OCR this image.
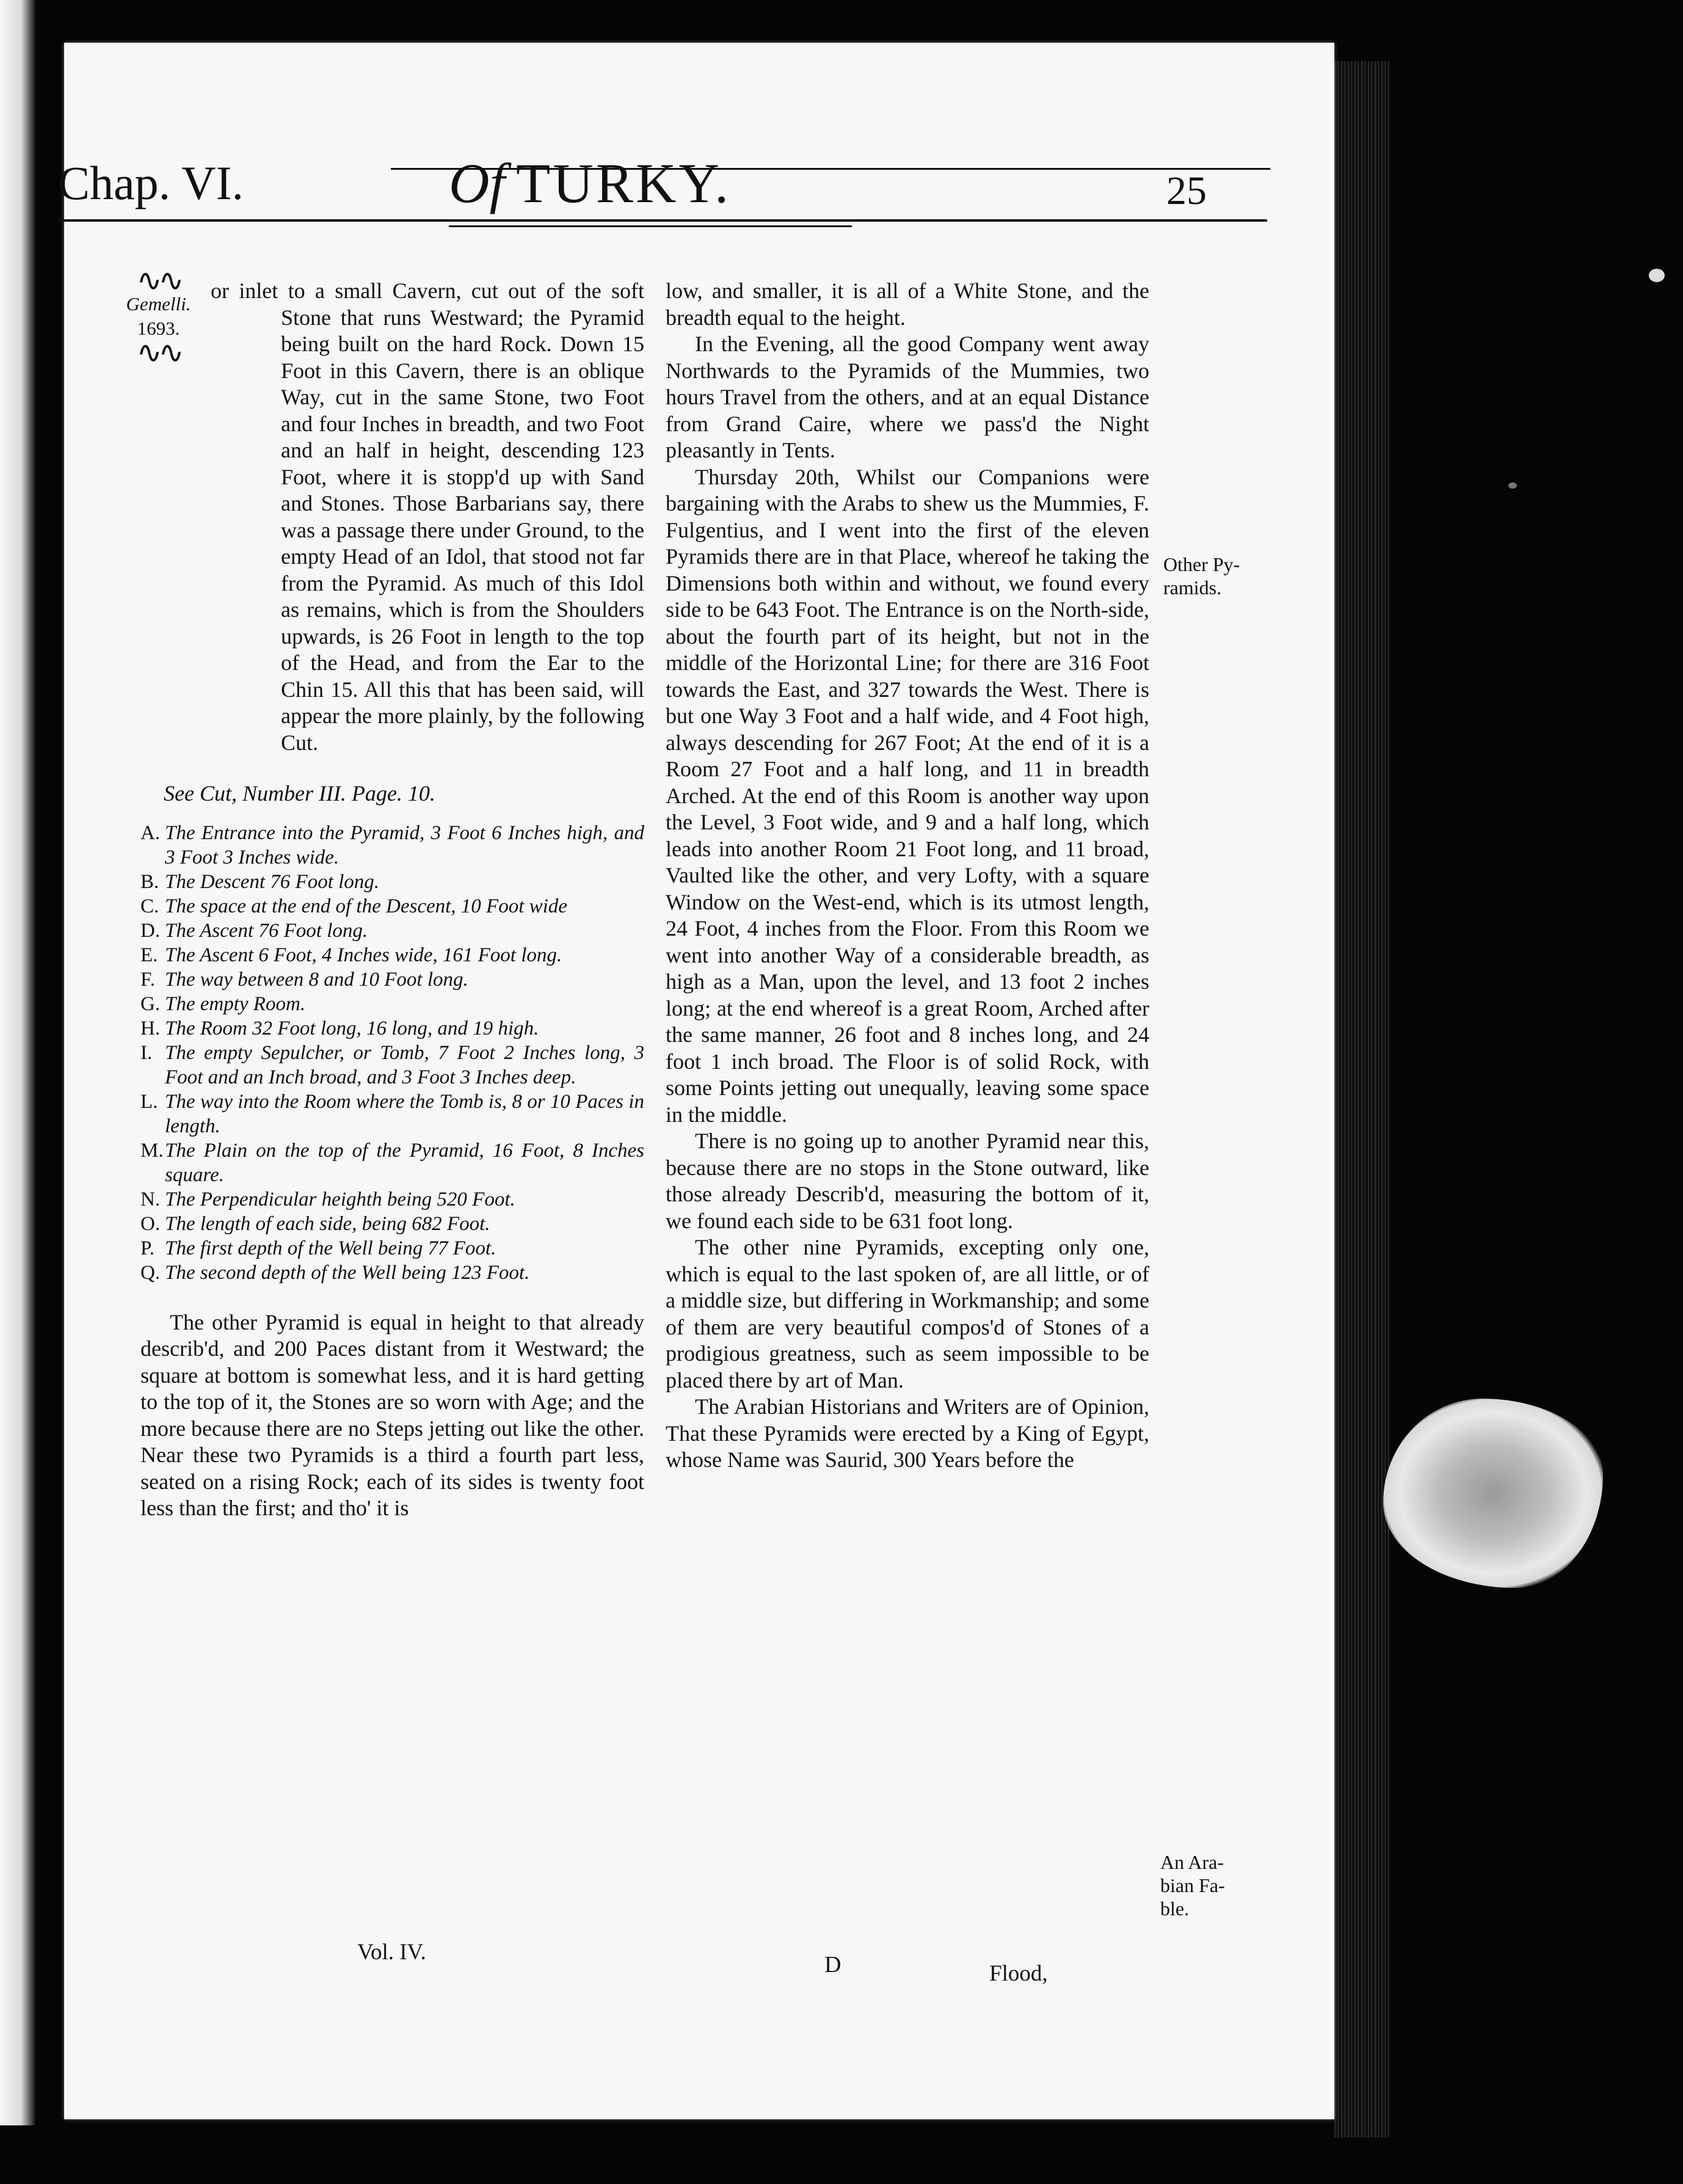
Chap. VI.	Of TURKY.	25
∿∿
Gemelli.
1693.
∿∿

or inlet to a small Cavern, cut out of the soft Stone that runs Westward; the Pyramid being built on the hard Rock. Down 15 Foot in this Cavern, there is an oblique Way, cut in the same Stone, two Foot and four Inches in breadth, and two Foot and an half in height, descending 123 Foot, where it is stopp'd up with Sand and Stones. Those Barbarians say, there was a passage there under Ground, to the empty Head of an Idol, that stood not far from the Pyramid. As much of this Idol as remains, which is from the Shoulders upwards, is 26 Foot in length to the top of the Head, and from the Ear to the Chin 15. All this that has been said, will appear the more plainly, by the following Cut.

See Cut, Number III. Page. 10.

A. The Entrance into the Pyramid, 3 Foot 6 Inches high, and 3 Foot 3 Inches wide.
B. The Descent 76 Foot long.
C. The space at the end of the Descent, 10 Foot wide
D. The Ascent 76 Foot long.
E. The Ascent 6 Foot, 4 Inches wide, 161 Foot long.
F. The way between 8 and 10 Foot long.
G. The empty Room.
H. The Room 32 Foot long, 16 long, and 19 high.
I. The empty Sepulcher, or Tomb, 7 Foot 2 Inches long, 3 Foot and an Inch broad, and 3 Foot 3 Inches deep.
L. The way into the Room where the Tomb is, 8 or 10 Paces in length.
M. The Plain on the top of the Pyramid, 16 Foot, 8 Inches square.
N. The Perpendicular heighth being 520 Foot.
O. The length of each side, being 682 Foot.
P. The first depth of the Well being 77 Foot.
Q. The second depth of the Well being 123 Foot.

The other Pyramid is equal in height to that already describ'd, and 200 Paces distant from it Westward; the square at bottom is somewhat less, and it is hard getting to the top of it, the Stones are so worn with Age; and the more because there are no Steps jetting out like the other. Near these two Pyramids is a third a fourth part less, seated on a rising Rock; each of its sides is twenty foot less than the first; and tho' it is

low, and smaller, it is all of a White Stone, and the breadth equal to the height.

In the Evening, all the good Company went away Northwards to the Pyramids of the Mummies, two hours Travel from the others, and at an equal Distance from Grand Caire, where we pass'd the Night pleasantly in Tents.

Thursday 20th, Whilst our Companions were bargaining with the Arabs to shew us the Mummies, F. Fulgentius, and I went into the first of the eleven Pyramids there are in that Place, whereof he taking the Dimensions both within and without, we found every side to be 643 Foot. The Entrance is on the North-side, about the fourth part of its height, but not in the middle of the Horizontal Line; for there are 316 Foot towards the East, and 327 towards the West. There is but one Way 3 Foot and a half wide, and 4 Foot high, always descending for 267 Foot; At the end of it is a Room 27 Foot and a half long, and 11 in breadth Arched. At the end of this Room is another way upon the Level, 3 Foot wide, and 9 and a half long, which leads into another Room 21 Foot long, and 11 broad, Vaulted like the other, and very Lofty, with a square Window on the West-end, which is its utmost length, 24 Foot, 4 inches from the Floor. From this Room we went into another Way of a considerable breadth, as high as a Man, upon the level, and 13 foot 2 inches long; at the end whereof is a great Room, Arched after the same manner, 26 foot and 8 inches long, and 24 foot 1 inch broad. The Floor is of solid Rock, with some Points jetting out unequally, leaving some space in the middle.

There is no going up to another Pyramid near this, because there are no stops in the Stone outward, like those already Describ'd, measuring the bottom of it, we found each side to be 631 foot long.

The other nine Pyramids, excepting only one, which is equal to the last spoken of, are all little, or of a middle size, but differing in Workmanship; and some of them are very beautiful compos'd of Stones of a prodigious greatness, such as seem impossible to be placed there by art of Man.

The Arabian Historians and Writers are of Opinion, That these Pyramids were erected by a King of Egypt, whose Name was Saurid, 300 Years before the

Other Py-
ramids.
An Ara-
bian Fa-
ble.
Vol. IV.	D	Flood,
